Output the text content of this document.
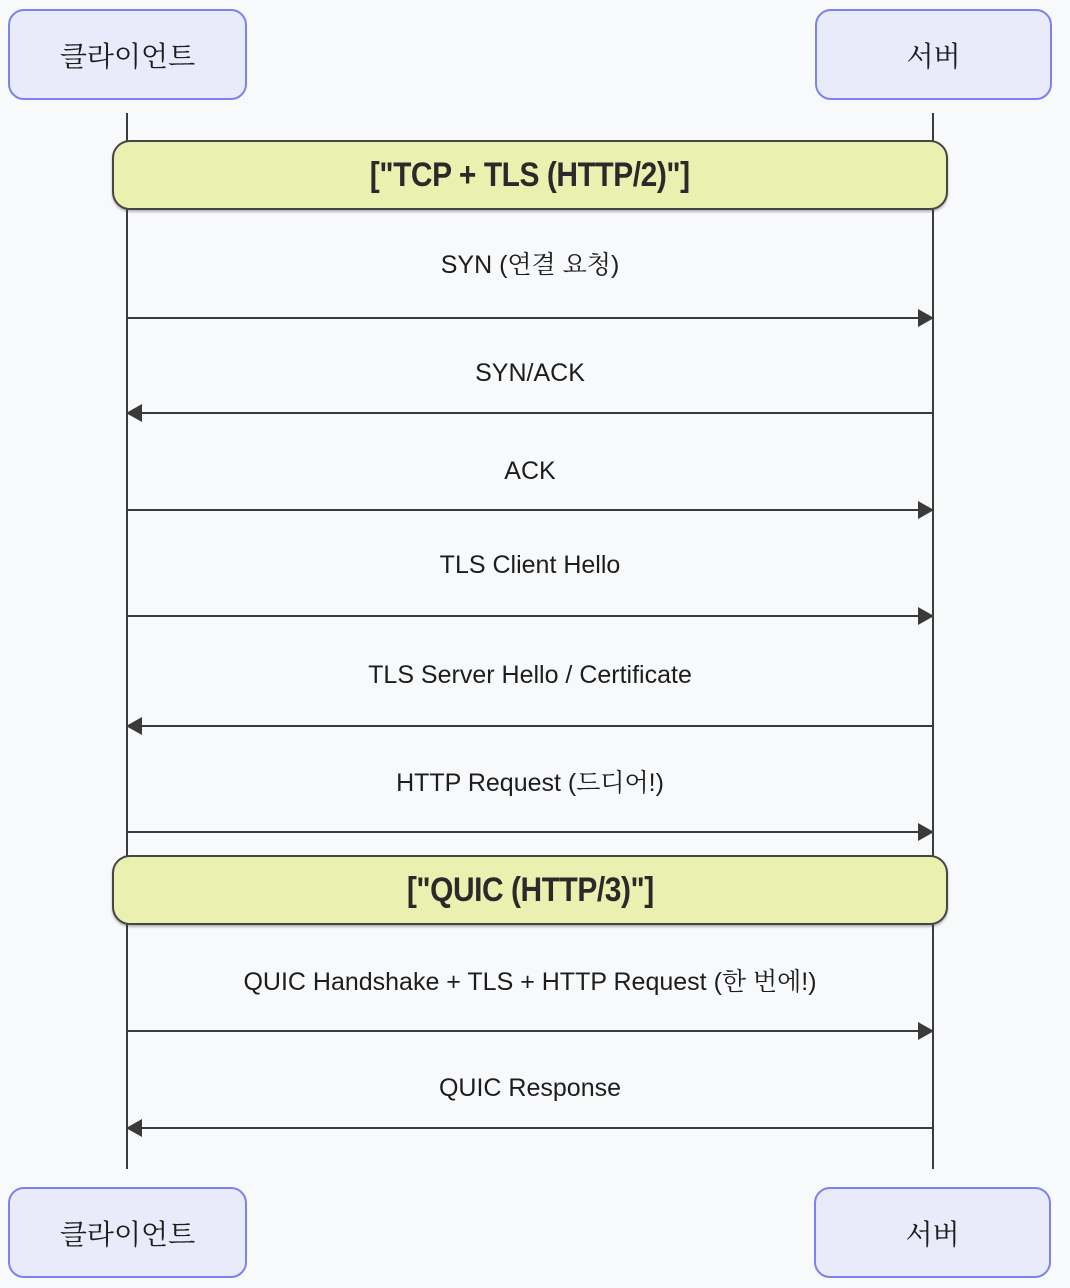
클라이언트	서버
["TCP + TLS (HTTP/2)"]
SYN (연결 요청)
SYN/ACK
ACK
TLS Client Hello
TLS Server Hello / Certificate
HTTP Request (드디어!)
["QUIC (HTTP/3)"]
QUIC Handshake + TLS + HTTP Request (한 번에!)
QUIC Response
클라이언트	서버
